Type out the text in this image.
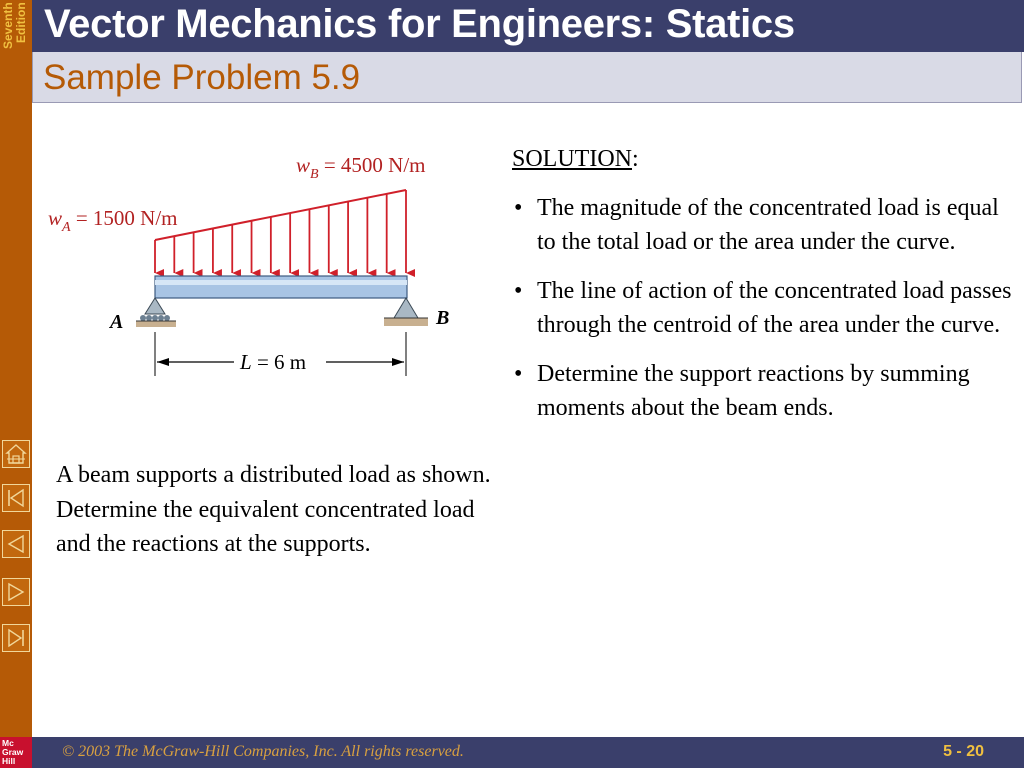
Seventh
Edition
Mc
Graw
Hill
Vector Mechanics for Engineers: Statics
Sample Problem 5.9
$w_B = 4500$ N/m
$w_A = 1500$ N/m
A	B
L = 6 m
A beam supports a distributed load as shown. Determine the equivalent concentrated load and the reactions at the supports.
SOLUTION:
• The magnitude of the concentrated load is equal to the total load or the area under the curve.
• The line of action of the concentrated load passes through the centroid of the area under the curve.
• Determine the support reactions by summing moments about the beam ends.
© 2003 The McGraw-Hill Companies, Inc. All rights reserved.	5 - 20
